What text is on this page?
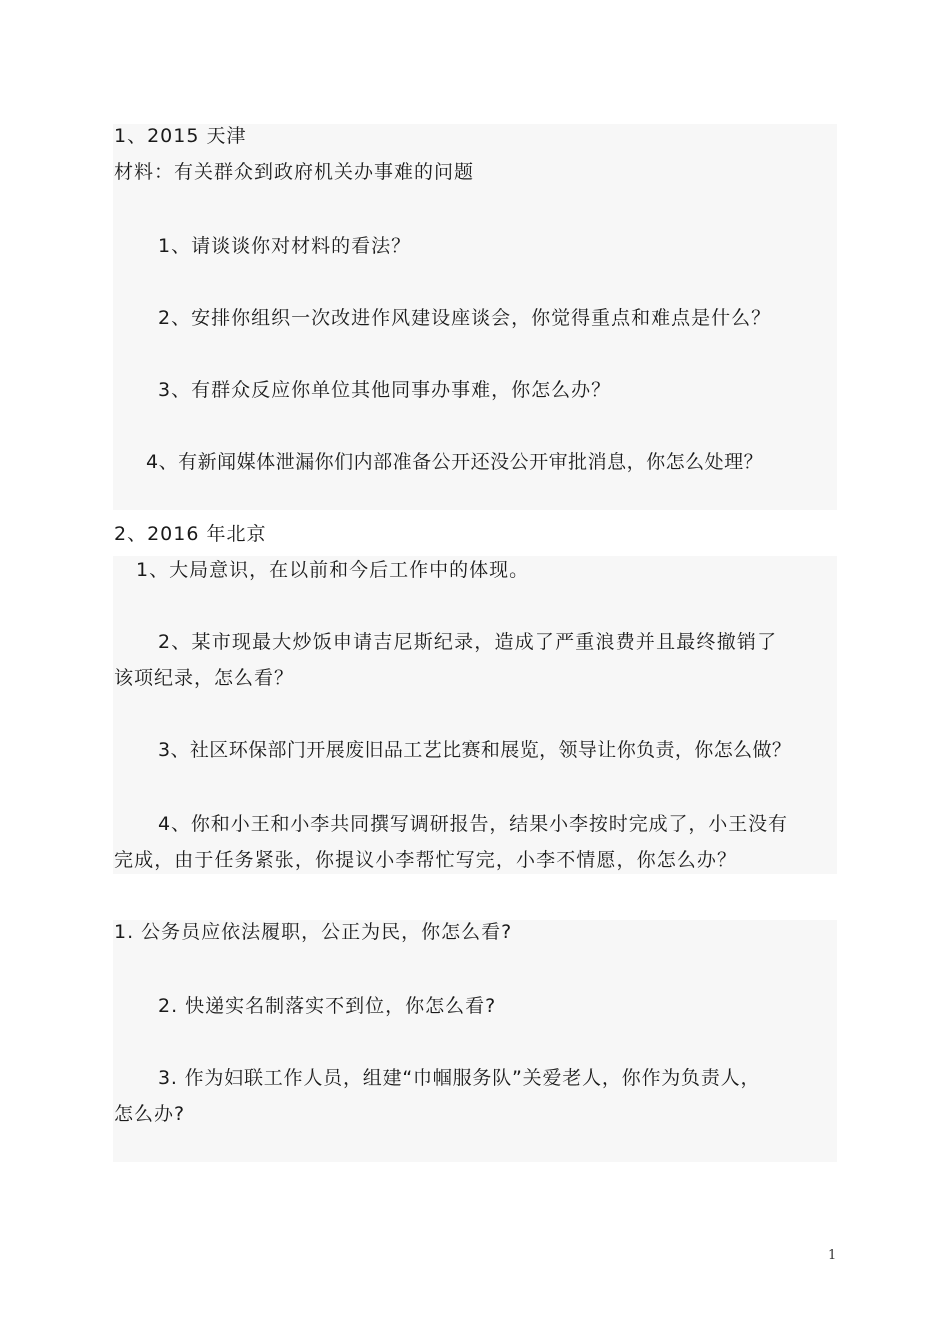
1、2015 天津
材料：有关群众到政府机关办事难的问题
1、请谈谈你对材料的看法？
2、安排你组织一次改进作风建设座谈会，你觉得重点和难点是什么？
3、有群众反应你单位其他同事办事难，你怎么办？
4、有新闻媒体泄漏你们内部准备公开还没公开审批消息，你怎么处理？
2、2016 年北京
1、大局意识，在以前和今后工作中的体现。
2、某市现最大炒饭申请吉尼斯纪录，造成了严重浪费并且最终撤销了
该项纪录，怎么看？
3、社区环保部门开展废旧品工艺比赛和展览，领导让你负责，你怎么做？
4、你和小王和小李共同撰写调研报告，结果小李按时完成了，小王没有
完成，由于任务紧张，你提议小李帮忙写完，小李不情愿，你怎么办？
1. 公务员应依法履职，公正为民，你怎么看?
2. 快递实名制落实不到位，你怎么看?
3. 作为妇联工作人员，组建“巾帼服务队”关爱老人，你作为负责人，
怎么办?
1
